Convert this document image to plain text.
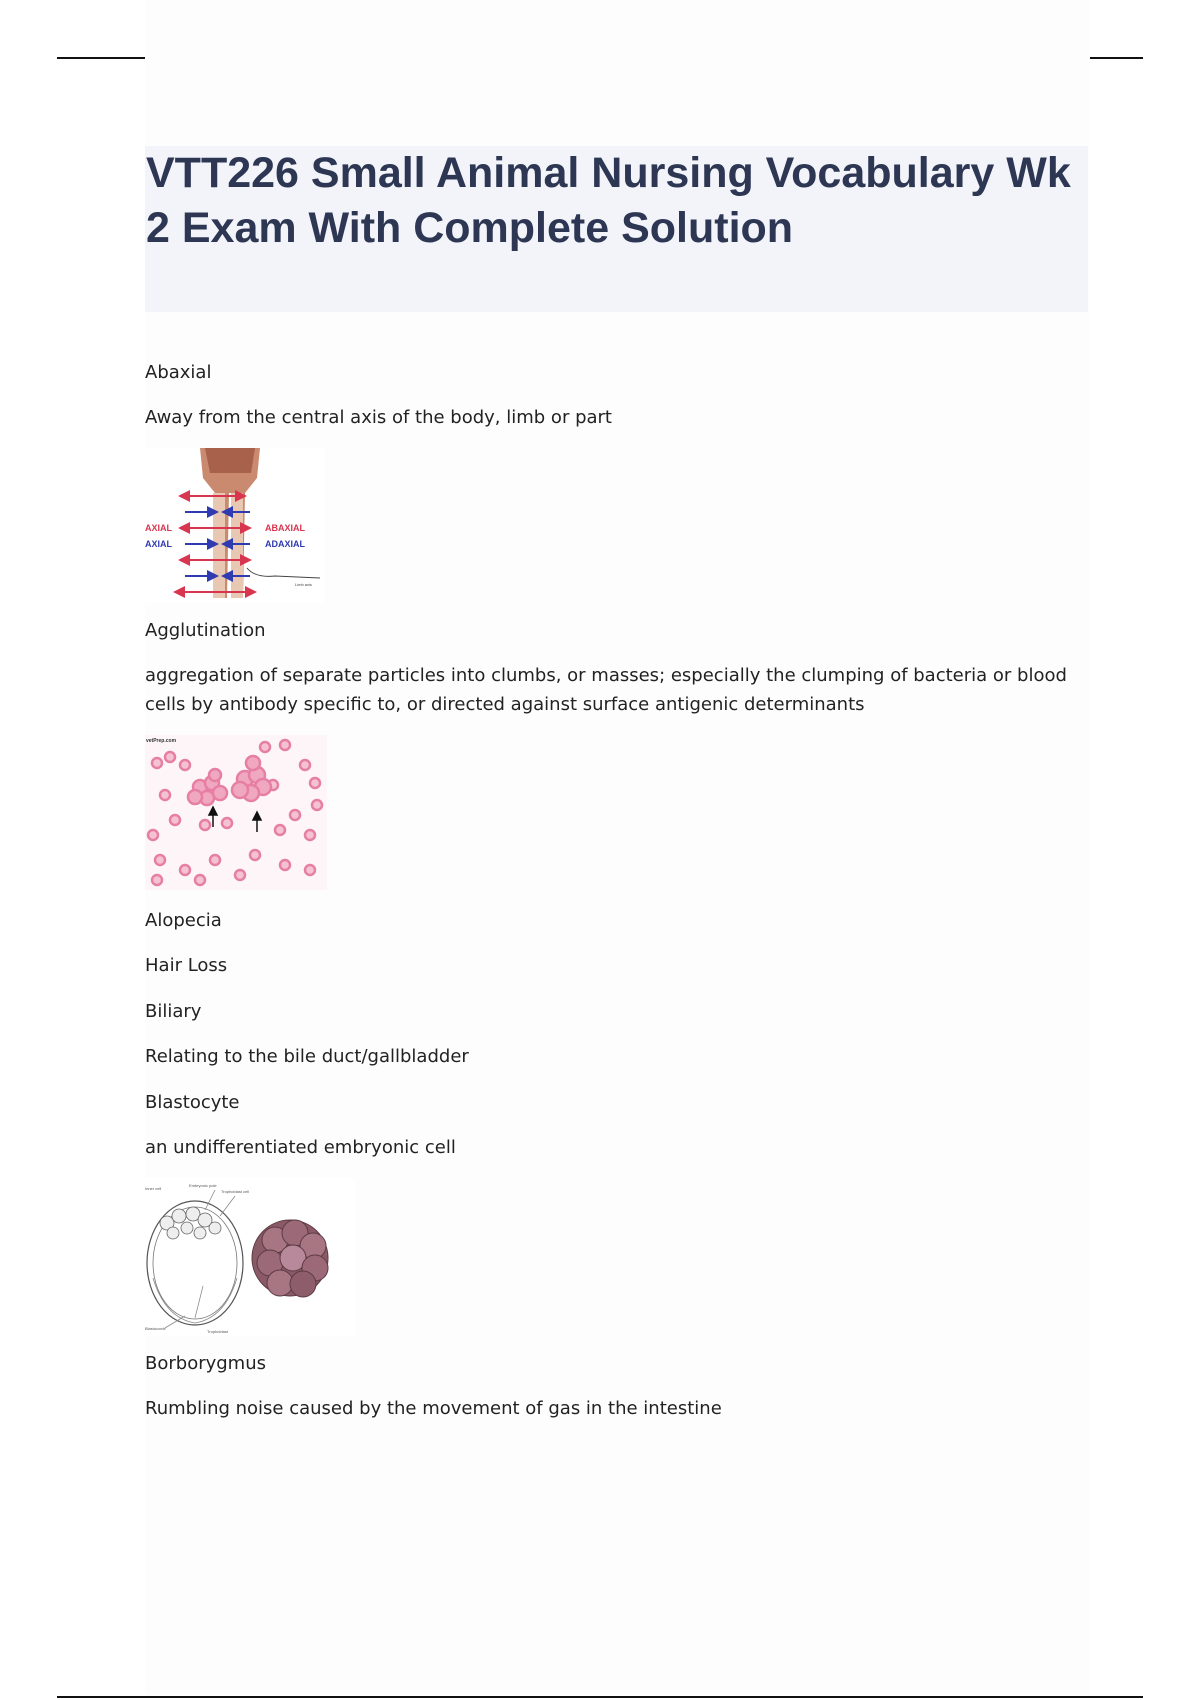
VTT226 Small Animal Nursing Vocabulary Wk 2 Exam With Complete Solution

Abaxial

Away from the central axis of the body, limb or part

AXIAL
AXIAL
ABAXIAL
ADAXIAL
Limb axis

Agglutination

aggregation of separate particles into clumbs, or masses; especially the clumping of bacteria or blood cells by antibody specific to, or directed against surface antigenic determinants

vetPrep.com

Alopecia

Hair Loss

Biliary

Relating to the bile duct/gallbladder

Blastocyte

an undifferentiated embryonic cell

Embryonic pole
Trophoblast cell
Inner cell
Blastocoele
Trophoblast

Borborygmus

Rumbling noise caused by the movement of gas in the intestine
